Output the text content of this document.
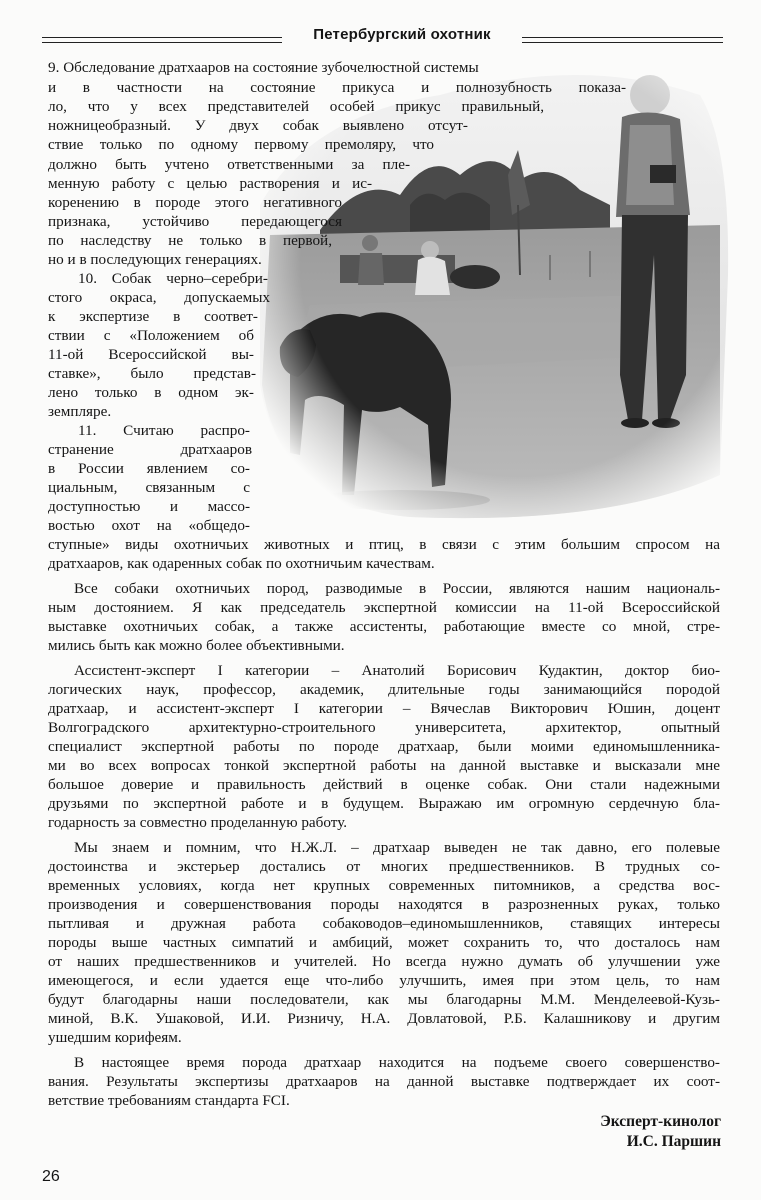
Петербургский охотник
9. Обследование дратхааров на состояние зубочелюстной системы
и в частности на состояние прикуса и полнозубность показа-
ло, что у всех представителей особей прикус правильный,
ножницеобразный. У двух собак выявлено отсут-
ствие только по одному первому премоляру, что
должно быть учтено ответственными за пле-
менную работу с целью растворения и ис-
коренению в породе этого негативного
признака, устойчиво передающегося
по наследству не только в первой,
но и в последующих генерациях.
10. Собак черно–серебри-
стого окраса, допускаемых
к экспертизе в соответ-
ствии с «Положением об
11-ой Всероссийской вы-
ставке», было представ-
лено только в одном эк-
земпляре.
11. Считаю распро-
странение дратхааров
в России явлением со-
циальным, связанным с
доступностью и массо-
востью охот на «общедо-
ступные» виды охотничьих животных и птиц, в связи с этим большим спросом на
дратхааров, как одаренных собак по охотничьим качествам.
Все собаки охотничьих пород, разводимые в России, являются нашим националь-
ным достоянием. Я как председатель экспертной комиссии на 11-ой Всероссийской
выставке охотничьих собак, а также ассистенты, работающие вместе со мной, стре-
мились быть как можно более объективными.
Ассистент-эксперт I категории – Анатолий Борисович Кудактин, доктор био-
логических наук, профессор, академик, длительные годы занимающийся породой
дратхаар, и ассистент-эксперт I категории – Вячеслав Викторович Юшин, доцент
Волгоградского архитектурно-строительного университета, архитектор, опытный
специалист экспертной работы по породе дратхаар, были моими единомышленника-
ми во всех вопросах тонкой экспертной работы на данной выставке и высказали мне
большое доверие и правильность действий в оценке собак. Они стали надежными
друзьями по экспертной работе и в будущем. Выражаю им огромную сердечную бла-
годарность за совместно проделанную работу.
Мы знаем и помним, что Н.Ж.Л. – дратхаар выведен не так давно, его полевые
достоинства и экстерьер достались от многих предшественников. В трудных со-
временных условиях, когда нет крупных современных питомников, а средства вос-
производения и совершенствования породы находятся в разрозненных руках, только
пытливая и дружная работа собаководов–единомышленников, ставящих интересы
породы выше частных симпатий и амбиций, может сохранить то, что досталось нам
от наших предшественников и учителей. Но всегда нужно думать об улучшении уже
имеющегося, и если удается еще что-либо улучшить, имея при этом цель, то нам
будут благодарны наши последователи, как мы благодарны М.М. Менделеевой-Кузь-
миной, В.К. Ушаковой, И.И. Ризничу, Н.А. Довлатовой, Р.Б. Калашникову и другим
ушедшим корифеям.
В настоящее время порода дратхаар находится на подъеме своего совершенство-
вания. Результаты экспертизы дратхааров на данной выставке подтверждает их соот-
ветствие требованиям стандарта FCI.
Эксперт-кинолог
И.С. Паршин
26
